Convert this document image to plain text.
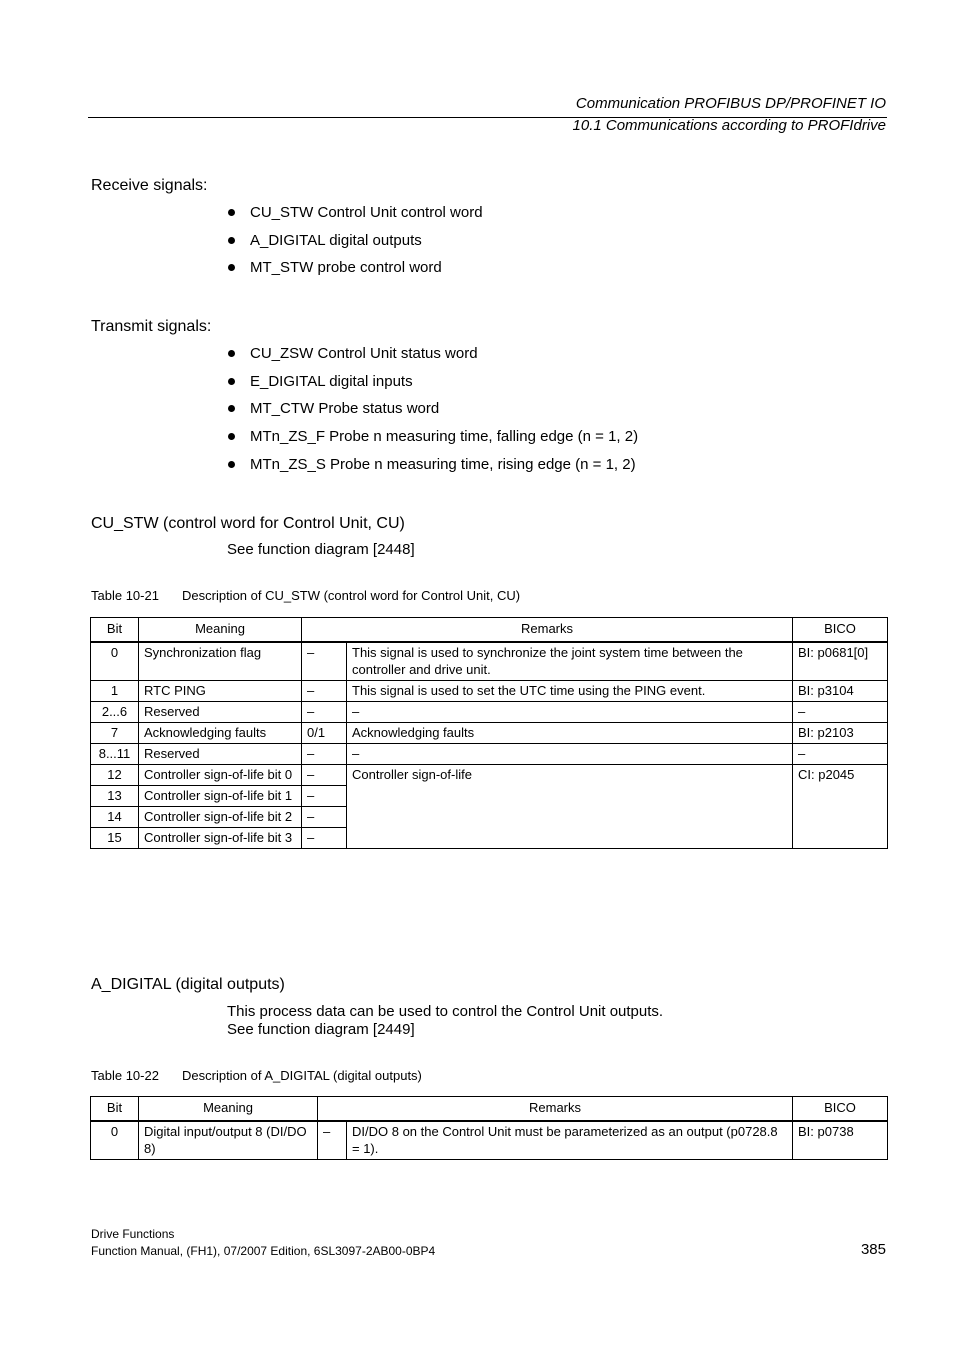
Communication PROFIBUS DP/PROFINET IO
10.1 Communications according to PROFIdrive
Receive signals:
CU_STW Control Unit control word
A_DIGITAL digital outputs
MT_STW probe control word
Transmit signals:
CU_ZSW Control Unit status word
E_DIGITAL digital inputs
MT_CTW Probe status word
MTn_ZS_F Probe n measuring time, falling edge (n = 1, 2)
MTn_ZS_S Probe n measuring time, rising edge (n = 1, 2)
CU_STW (control word for Control Unit, CU)
See function diagram [2448]
Table 10-21 Description of CU_STW (control word for Control Unit, CU)
Bit	Meaning	Remarks		BICO
0	Synchronization flag	–	This signal is used to synchronize the joint system time between the controller and drive unit.	BI: p0681[0]
1	RTC PING	–	This signal is used to set the UTC time using the PING event.	BI: p3104
2...6	Reserved	–	–	–
7	Acknowledging faults	0/1	Acknowledging faults	BI: p2103
8...11	Reserved	–	–	–
12	Controller sign-of-life bit 0	–	Controller sign-of-life	CI: p2045
13	Controller sign-of-life bit 1	–		
14	Controller sign-of-life bit 2	–		
15	Controller sign-of-life bit 3	–		
A_DIGITAL (digital outputs)
This process data can be used to control the Control Unit outputs.
See function diagram [2449]
Table 10-22 Description of A_DIGITAL (digital outputs)
Bit	Meaning	Remarks		BICO
0	Digital input/output 8 (DI/DO 8)	–	DI/DO 8 on the Control Unit must be parameterized as an output (p0728.8 = 1).	BI: p0738
Drive Functions
Function Manual, (FH1), 07/2007 Edition, 6SL3097-2AB00-0BP4	385
